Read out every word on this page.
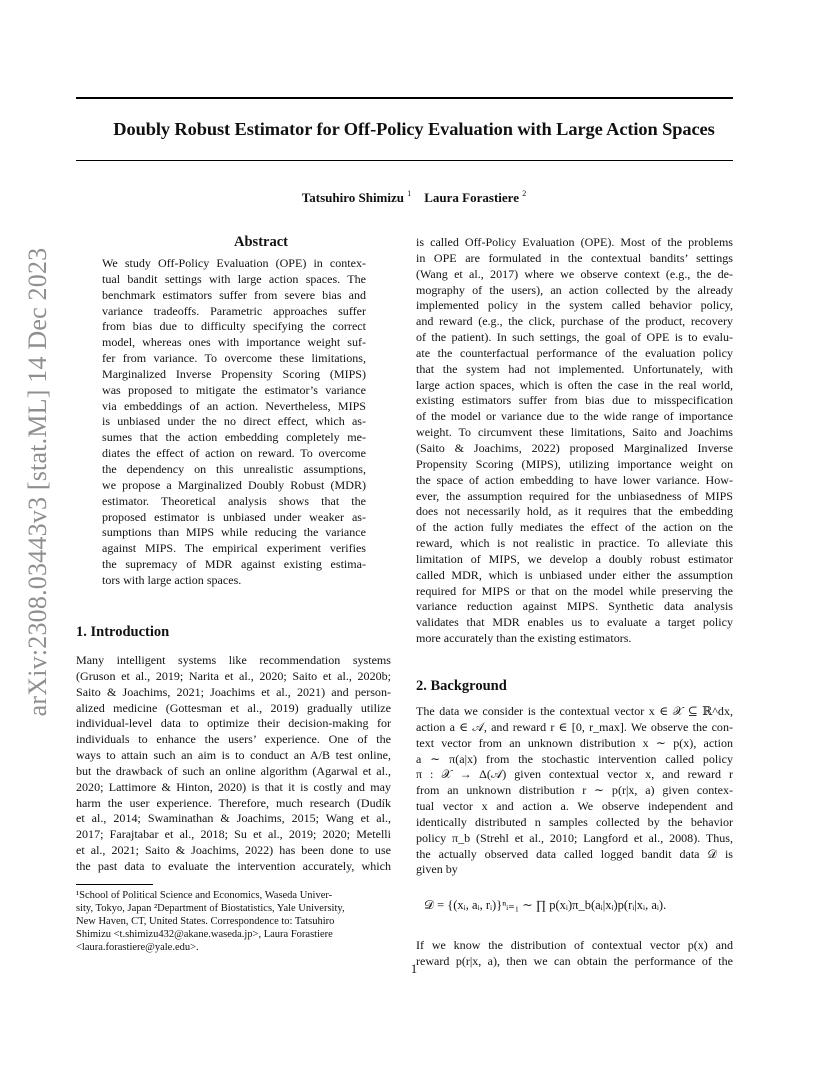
Doubly Robust Estimator for Off-Policy Evaluation with Large Action Spaces
Tatsuhiro Shimizu $^1$ Laura Forastiere $^2$
arXiv:2308.03443v3 [stat.ML] 14 Dec 2023
Abstract
We study Off-Policy Evaluation (OPE) in contex-
tual bandit settings with large action spaces. The
benchmark estimators suffer from severe bias and
variance tradeoffs. Parametric approaches suffer
from bias due to difficulty specifying the correct
model, whereas ones with importance weight suf-
fer from variance. To overcome these limitations,
Marginalized Inverse Propensity Scoring (MIPS)
was proposed to mitigate the estimator’s variance
via embeddings of an action. Nevertheless, MIPS
is unbiased under the no direct effect, which as-
sumes that the action embedding completely me-
diates the effect of action on reward. To overcome
the dependency on this unrealistic assumptions,
we propose a Marginalized Doubly Robust (MDR)
estimator. Theoretical analysis shows that the
proposed estimator is unbiased under weaker as-
sumptions than MIPS while reducing the variance
against MIPS. The empirical experiment verifies
the supremacy of MDR against existing estima-
tors with large action spaces.
1. Introduction
Many intelligent systems like recommendation systems
(Gruson et al., 2019; Narita et al., 2020; Saito et al., 2020b;
Saito & Joachims, 2021; Joachims et al., 2021) and person-
alized medicine (Gottesman et al., 2019) gradually utilize
individual-level data to optimize their decision-making for
individuals to enhance the users’ experience. One of the
ways to attain such an aim is to conduct an A/B test online,
but the drawback of such an online algorithm (Agarwal et al.,
2020; Lattimore & Hinton, 2020) is that it is costly and may
harm the user experience. Therefore, much research (Dudík
et al., 2014; Swaminathan & Joachims, 2015; Wang et al.,
2017; Farajtabar et al., 2018; Su et al., 2019; 2020; Metelli
et al., 2021; Saito & Joachims, 2022) has been done to use
the past data to evaluate the intervention accurately, which
¹School of Political Science and Economics, Waseda Univer-
sity, Tokyo, Japan ²Department of Biostatistics, Yale University,
New Haven, CT, United States. Correspondence to: Tatsuhiro
Shimizu <t.shimizu432@akane.waseda.jp>, Laura Forastiere
<laura.forastiere@yale.edu>.
is called Off-Policy Evaluation (OPE). Most of the problems
in OPE are formulated in the contextual bandits’ settings
(Wang et al., 2017) where we observe context (e.g., the de-
mography of the users), an action collected by the already
implemented policy in the system called behavior policy,
and reward (e.g., the click, purchase of the product, recovery
of the patient). In such settings, the goal of OPE is to evalu-
ate the counterfactual performance of the evaluation policy
that the system had not implemented. Unfortunately, with
large action spaces, which is often the case in the real world,
existing estimators suffer from bias due to misspecification
of the model or variance due to the wide range of importance
weight. To circumvent these limitations, Saito and Joachims
(Saito & Joachims, 2022) proposed Marginalized Inverse
Propensity Scoring (MIPS), utilizing importance weight on
the space of action embedding to have lower variance. How-
ever, the assumption required for the unbiasedness of MIPS
does not necessarily hold, as it requires that the embedding
of the action fully mediates the effect of the action on the
reward, which is not realistic in practice. To alleviate this
limitation of MIPS, we develop a doubly robust estimator
called MDR, which is unbiased under either the assumption
required for MIPS or that on the model while preserving the
variance reduction against MIPS. Synthetic data analysis
validates that MDR enables us to evaluate a target policy
more accurately than the existing estimators.
2. Background
The data we consider is the contextual vector x ∈ 𝒳 ⊆ ℝ^dx,
action a ∈ 𝒜, and reward r ∈ [0, r_max]. We observe the con-
text vector from an unknown distribution x ∼ p(x), action
a ∼ π(a|x) from the stochastic intervention called policy
π : 𝒳 → Δ(𝒜) given contextual vector x, and reward r
from an unknown distribution r ∼ p(r|x, a) given contex-
tual vector x and action a. We observe independent and
identically distributed n samples collected by the behavior
policy π_b (Strehl et al., 2010; Langford et al., 2008). Thus,
the actually observed data called logged bandit data 𝒟 is
given by
𝒟 = {(xᵢ, aᵢ, rᵢ)}ⁿᵢ₌₁ ∼ ∏ p(xᵢ)π_b(aᵢ|xᵢ)p(rᵢ|xᵢ, aᵢ).
If we know the distribution of contextual vector p(x) and
reward p(r|x, a), then we can obtain the performance of the
1
